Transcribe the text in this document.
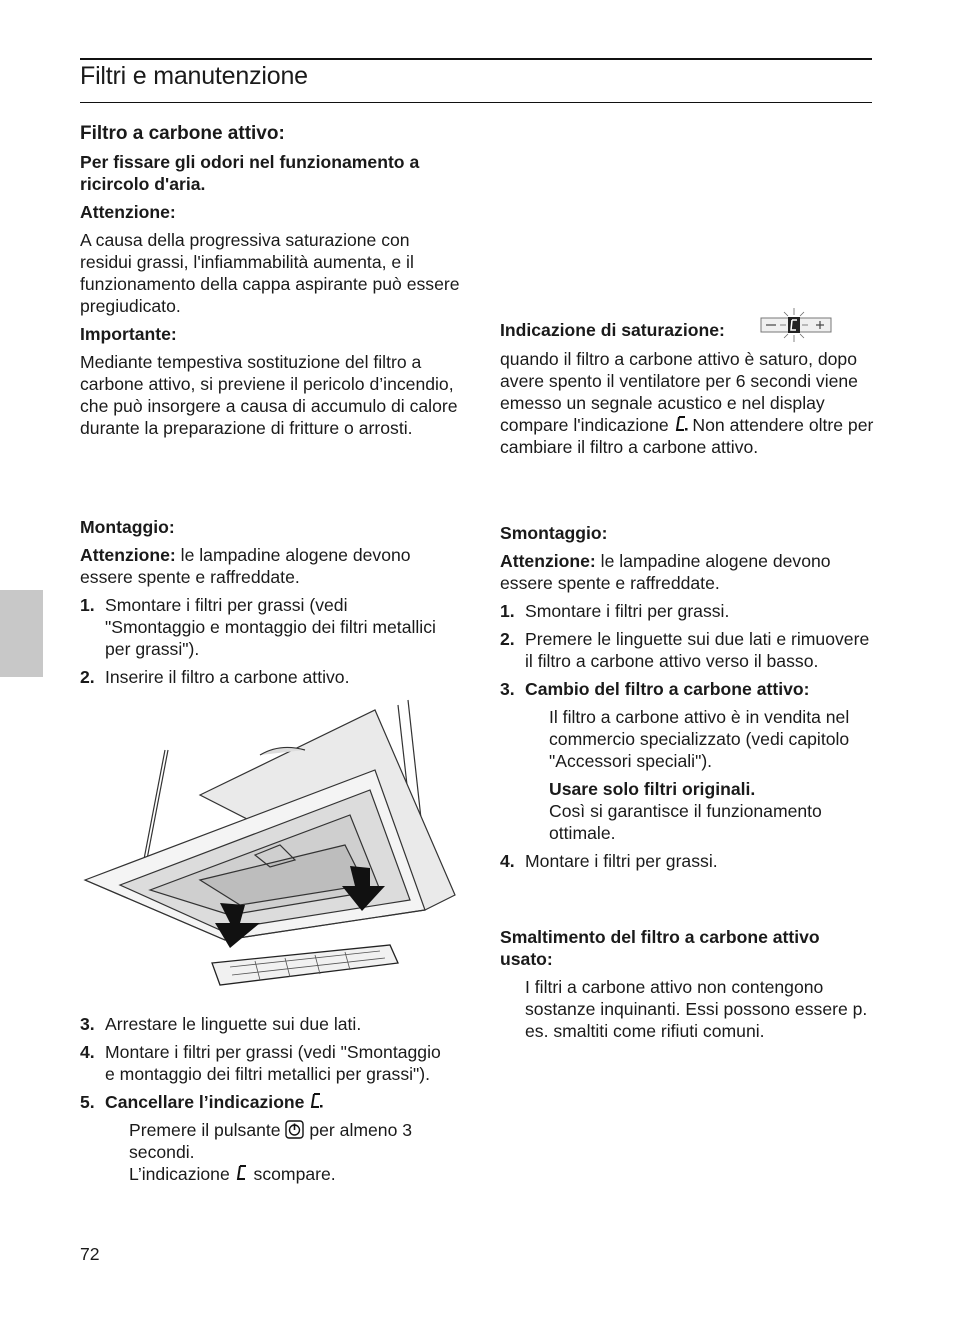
Filtri e manutenzione

Filtro a carbone attivo:

Per fissare gli odori nel funzionamento a ricircolo d'aria.

Attenzione:

A causa della progressiva saturazione con residui grassi, l'infiammabilità aumenta, e il funzionamento della cappa aspirante può essere pregiudicato.

Importante:

Mediante tempestiva sostituzione del filtro a carbone attivo, si previene il pericolo d’incendio, che può insorgere a causa di accumulo di calore durante la preparazione di fritture o arrosti.

Montaggio:

Attenzione: le lampadine alogene devono essere spente e raffreddate.

1. Smontare i filtri per grassi (vedi "Smontaggio e montaggio dei filtri metallici per grassi").
2. Inserire il filtro a carbone attivo.
3. Arrestare le linguette sui due lati.
4. Montare i filtri per grassi (vedi "Smontaggio e montaggio dei filtri metallici per grassi").
5. Cancellare l’indicazione

Premere il pulsante per almeno 3 secondi.

L’indicazione scompare.

Indicazione di saturazione:

quando il filtro a carbone attivo è saturo, dopo avere spento il ventilatore per 6 secondi viene emesso un segnale acustico e nel display compare l'indicazione Non attendere oltre per cambiare il filtro a carbone attivo.

Smontaggio:

Attenzione: le lampadine alogene devono essere spente e raffreddate.

1. Smontare i filtri per grassi.
2. Premere le linguette sui due lati e rimuovere il filtro a carbone attivo verso il basso.
3. Cambio del filtro a carbone attivo:

Il filtro a carbone attivo è in vendita nel commercio specializzato (vedi capitolo "Accessori speciali").

Usare solo filtri originali.

Così si garantisce il funzionamento ottimale.

4. Montare i filtri per grassi.

Smaltimento del filtro a carbone attivo usato:

I filtri a carbone attivo non contengono sostanze inquinanti. Essi possono essere p. es. smaltiti come rifiuti comuni.

72
